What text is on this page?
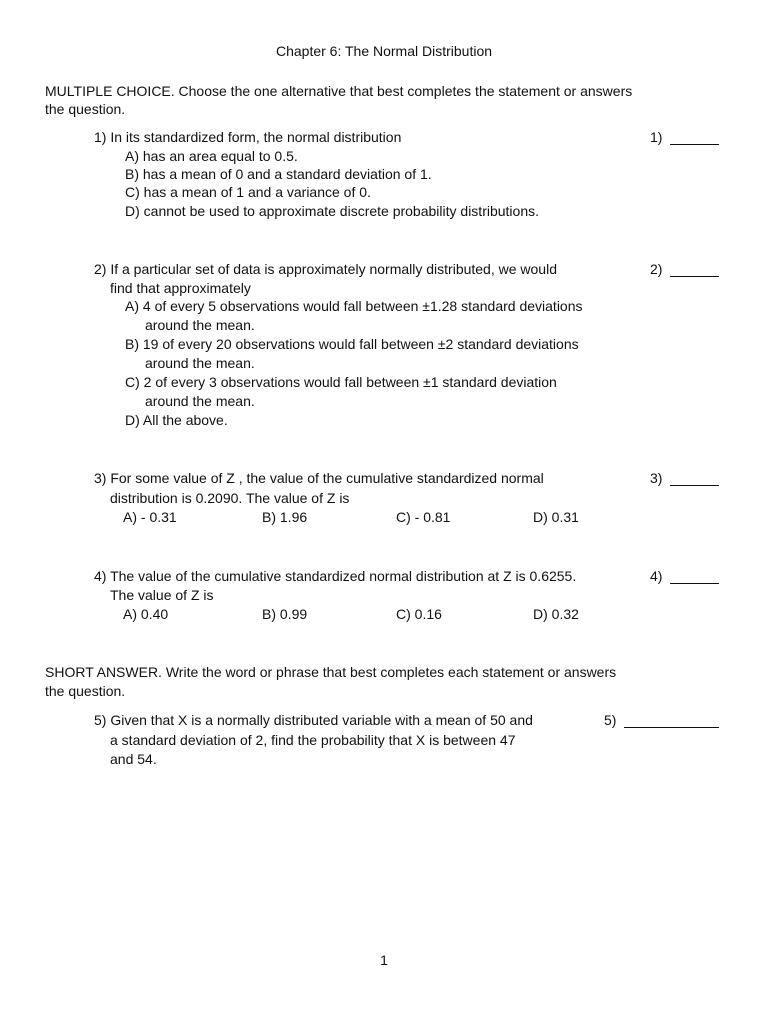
Chapter 6: The Normal Distribution
MULTIPLE CHOICE. Choose the one alternative that best completes the statement or answers
the question.
1) In its standardized form, the normal distribution	1)
A) has an area equal to 0.5.
B) has a mean of 0 and a standard deviation of 1.
C) has a mean of 1 and a variance of 0.
D) cannot be used to approximate discrete probability distributions.
2) If a particular set of data is approximately normally distributed, we would
find that approximately
2)
A) 4 of every 5 observations would fall between ±1.28 standard deviations
around the mean.
B) 19 of every 20 observations would fall between ±2 standard deviations
around the mean.
C) 2 of every 3 observations would fall between ±1 standard deviation
around the mean.
D) All the above.
3) For some value of Z , the value of the cumulative standardized normal
distribution is 0.2090. The value of Z is
3)
A) - 0.31	B) 1.96	C) - 0.81	D) 0.31
4) The value of the cumulative standardized normal distribution at Z is 0.6255.
The value of Z is
4)
A) 0.40	B) 0.99	C) 0.16	D) 0.32
SHORT ANSWER. Write the word or phrase that best completes each statement or answers
the question.
5) Given that X is a normally distributed variable with a mean of 50 and
a standard deviation of 2, find the probability that X is between 47
and 54.
5)
1
